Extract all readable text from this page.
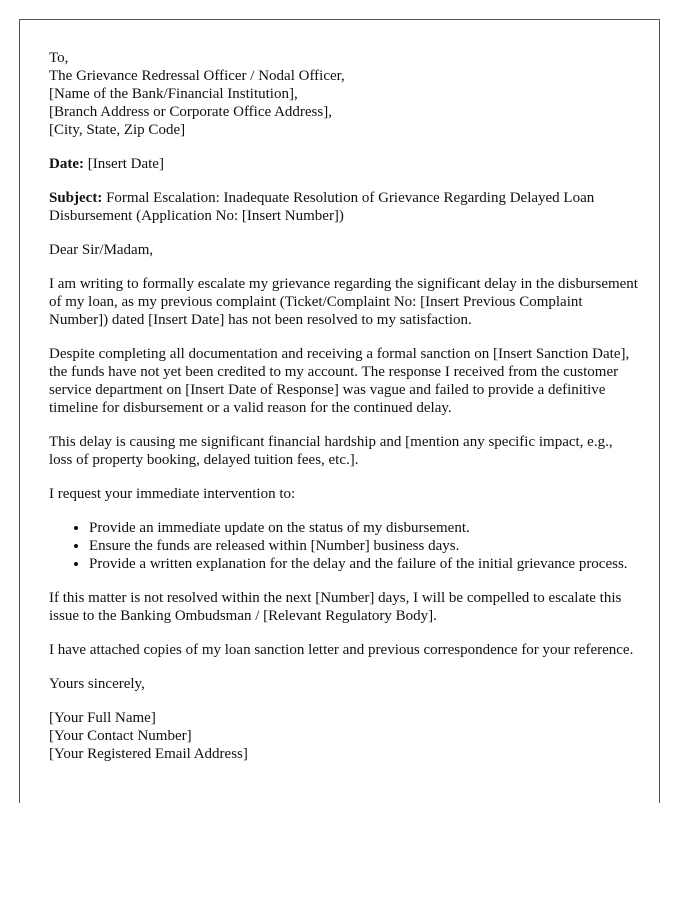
To,
The Grievance Redressal Officer / Nodal Officer,
[Name of the Bank/Financial Institution],
[Branch Address or Corporate Office Address],
[City, State, Zip Code]
Date: [Insert Date]
Subject: Formal Escalation: Inadequate Resolution of Grievance Regarding Delayed Loan Disbursement (Application No: [Insert Number])
Dear Sir/Madam,
I am writing to formally escalate my grievance regarding the significant delay in the disbursement of my loan, as my previous complaint (Ticket/Complaint No: [Insert Previous Complaint Number]) dated [Insert Date] has not been resolved to my satisfaction.
Despite completing all documentation and receiving a formal sanction on [Insert Sanction Date], the funds have not yet been credited to my account. The response I received from the customer service department on [Insert Date of Response] was vague and failed to provide a definitive timeline for disbursement or a valid reason for the continued delay.
This delay is causing me significant financial hardship and [mention any specific impact, e.g., loss of property booking, delayed tuition fees, etc.].
I request your immediate intervention to:
• Provide an immediate update on the status of my disbursement.
• Ensure the funds are released within [Number] business days.
• Provide a written explanation for the delay and the failure of the initial grievance process.
If this matter is not resolved within the next [Number] days, I will be compelled to escalate this issue to the Banking Ombudsman / [Relevant Regulatory Body].
I have attached copies of my loan sanction letter and previous correspondence for your reference.
Yours sincerely,
[Your Full Name]
[Your Contact Number]
[Your Registered Email Address]
